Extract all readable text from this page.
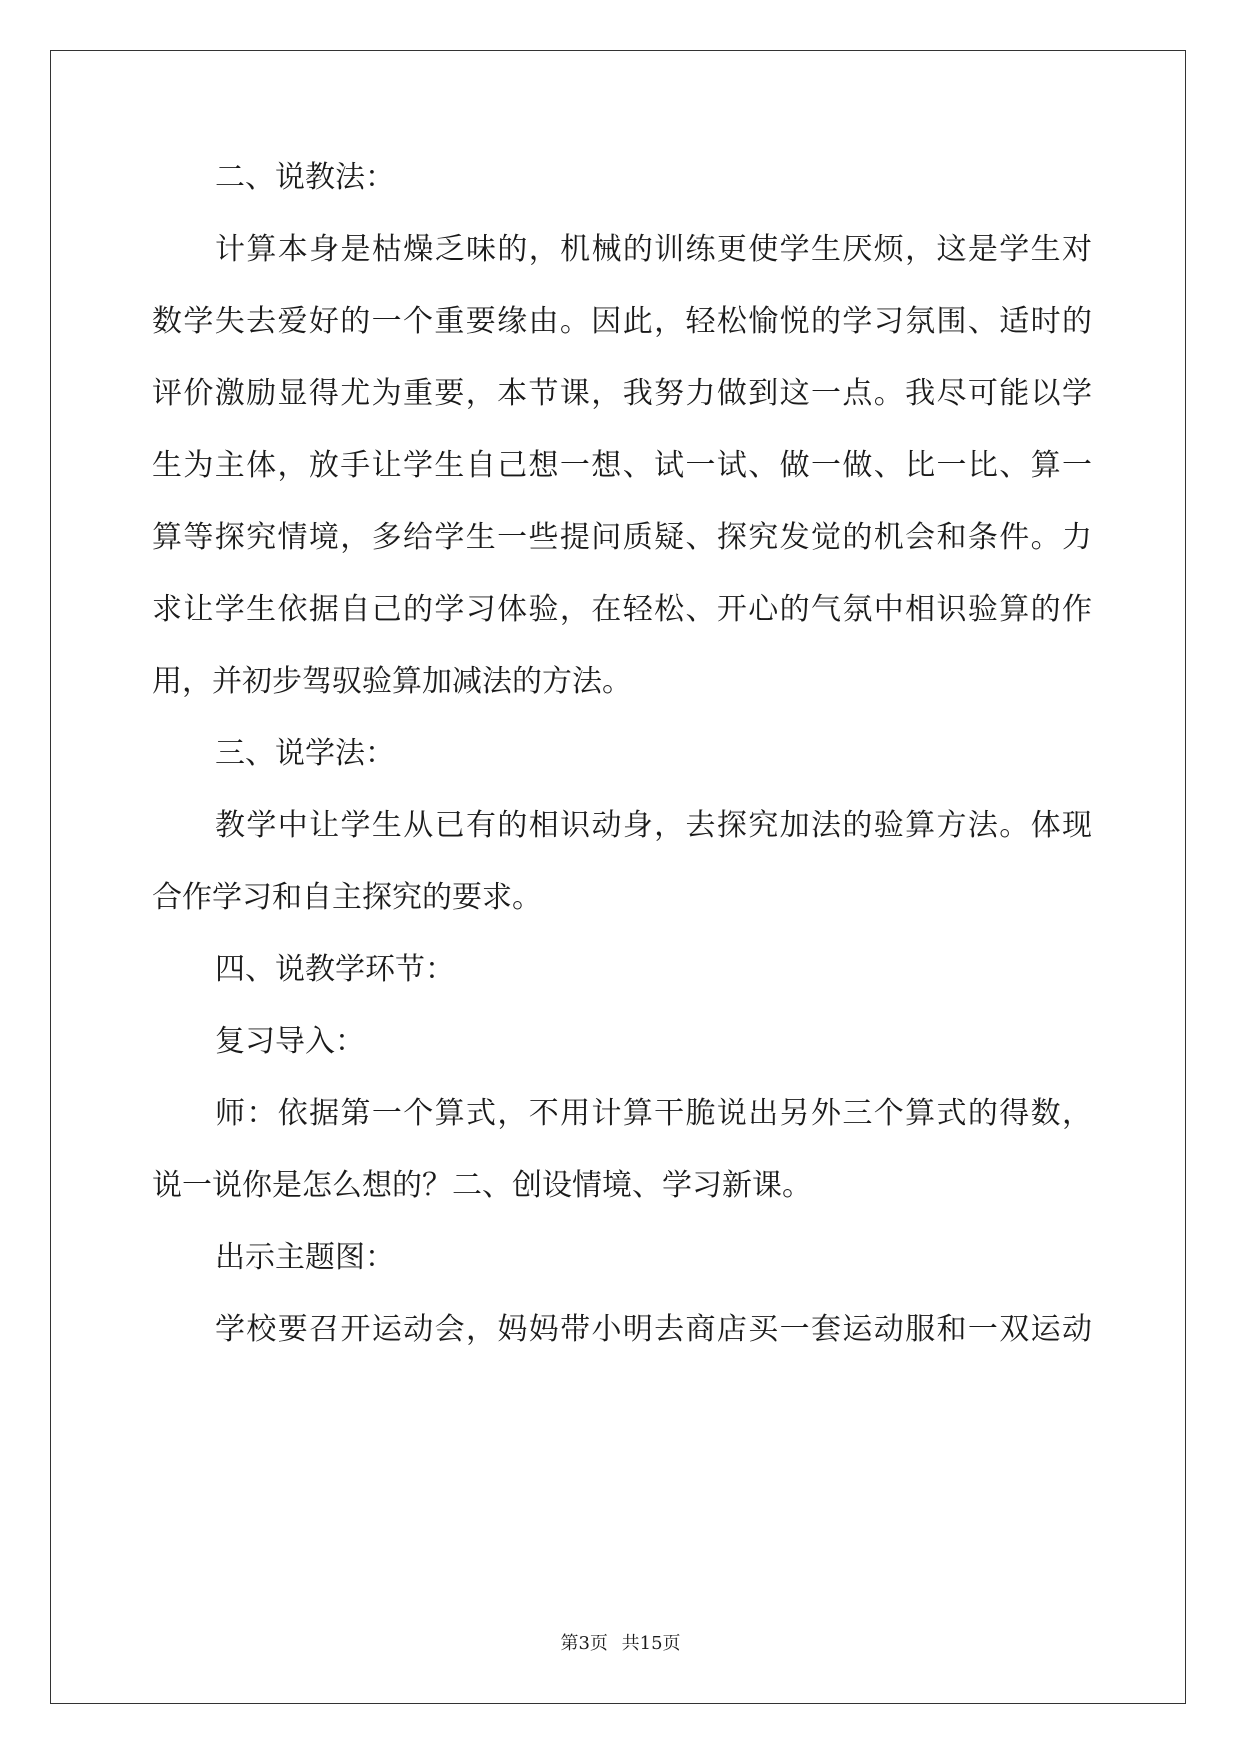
二、说教法：
计算本身是枯燥乏味的，机械的训练更使学生厌烦，这是学生对
数学失去爱好的一个重要缘由。因此，轻松愉悦的学习氛围、适时的
评价激励显得尤为重要，本节课，我努力做到这一点。我尽可能以学
生为主体，放手让学生自己想一想、试一试、做一做、比一比、算一
算等探究情境，多给学生一些提问质疑、探究发觉的机会和条件。力
求让学生依据自己的学习体验，在轻松、开心的气氛中相识验算的作
用，并初步驾驭验算加减法的方法。
三、说学法：
教学中让学生从已有的相识动身，去探究加法的验算方法。体现
合作学习和自主探究的要求。
四、说教学环节：
复习导入：
师：依据第一个算式，不用计算干脆说出另外三个算式的得数，
说一说你是怎么想的？二、创设情境、学习新课。
出示主题图：
学校要召开运动会，妈妈带小明去商店买一套运动服和一双运动
第3页 共15页
